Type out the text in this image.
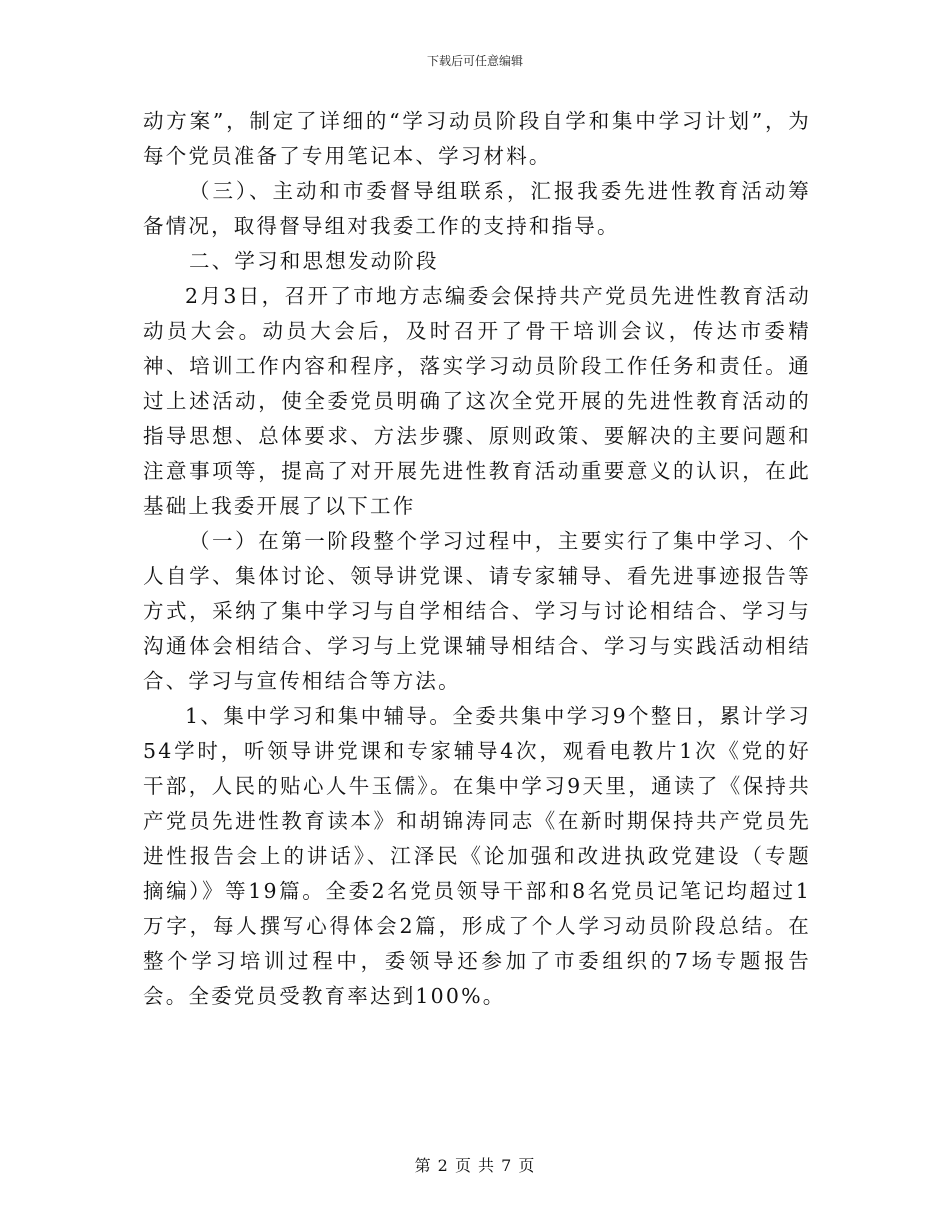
下载后可任意编辑

动方案”，制定了详细的“学习动员阶段自学和集中学习计划”，为每个党员准备了专用笔记本、学习材料。

（三）、主动和市委督导组联系，汇报我委先进性教育活动筹备情况，取得督导组对我委工作的支持和指导。

二、学习和思想发动阶段

2月3日，召开了市地方志编委会保持共产党员先进性教育活动动员大会。动员大会后，及时召开了骨干培训会议，传达市委精神、培训工作内容和程序，落实学习动员阶段工作任务和责任。通过上述活动，使全委党员明确了这次全党开展的先进性教育活动的指导思想、总体要求、方法步骤、原则政策、要解决的主要问题和注意事项等，提高了对开展先进性教育活动重要意义的认识，在此基础上我委开展了以下工作

（一）在第一阶段整个学习过程中，主要实行了集中学习、个人自学、集体讨论、领导讲党课、请专家辅导、看先进事迹报告等方式，采纳了集中学习与自学相结合、学习与讨论相结合、学习与沟通体会相结合、学习与上党课辅导相结合、学习与实践活动相结合、学习与宣传相结合等方法。

1、集中学习和集中辅导。全委共集中学习9个整日，累计学习54学时，听领导讲党课和专家辅导4次，观看电教片1次《党的好干部，人民的贴心人牛玉儒》。在集中学习9天里，通读了《保持共产党员先进性教育读本》和胡锦涛同志《在新时期保持共产党员先进性报告会上的讲话》、江泽民《论加强和改进执政党建设（专题摘编）》等19篇。全委2名党员领导干部和8名党员记笔记均超过1万字，每人撰写心得体会2篇，形成了个人学习动员阶段总结。在整个学习培训过程中，委领导还参加了市委组织的7场专题报告会。全委党员受教育率达到100%。

第 2 页 共 7 页
